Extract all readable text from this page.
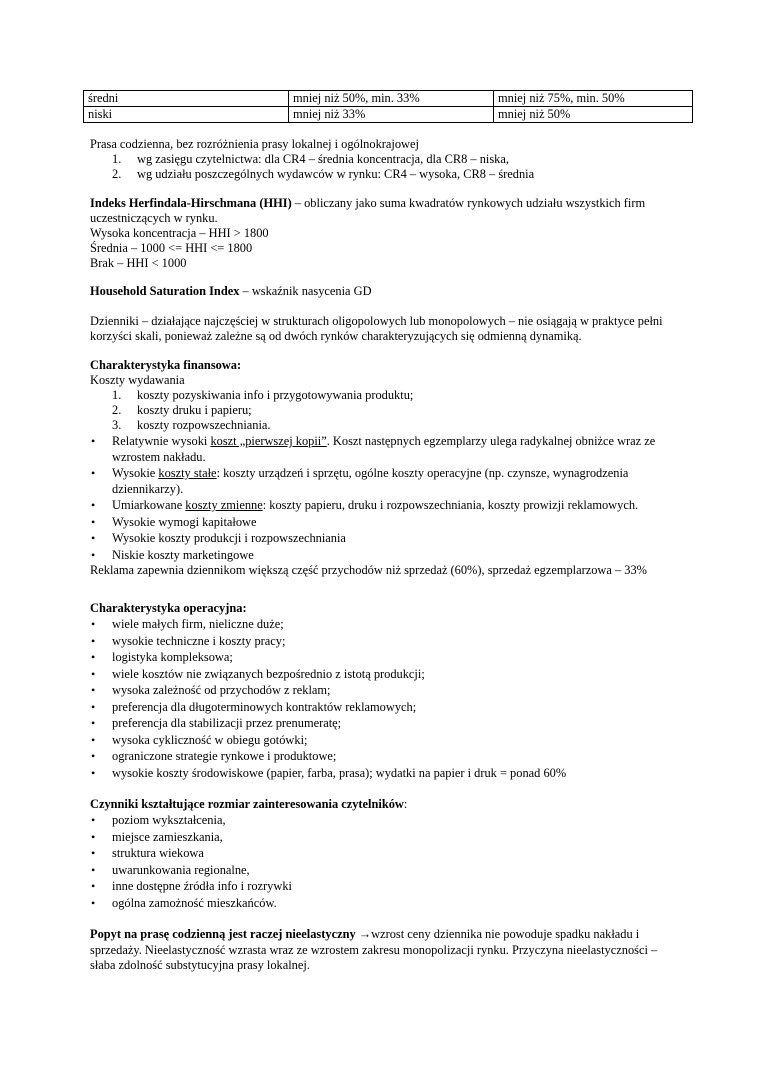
średni	mniej niż 50%, min. 33%	mniej niż 75%, min. 50%
niski	mniej niż 33%	mniej niż 50%

Prasa codzienna, bez rozróżnienia prasy lokalnej i ogólnokrajowej

1. wg zasięgu czytelnictwa: dla CR4 – średnia koncentracja, dla CR8 – niska,
2. wg udziału poszczególnych wydawców w rynku: CR4 – wysoka, CR8 – średnia

Indeks Herfindala-Hirschmana (HHI) – obliczany jako suma kwadratów rynkowych udziału wszystkich firm uczestniczących w rynku.

Wysoka koncentracja – HHI > 1800

Średnia – 1000 <= HHI <= 1800

Brak – HHI < 1000

Household Saturation Index – wskaźnik nasycenia GD

Dzienniki – działające najczęściej w strukturach oligopolowych lub monopolowych – nie osiągają w praktyce pełni korzyści skali, ponieważ zależne są od dwóch rynków charakteryzujących się odmienną dynamiką.

Charakterystyka finansowa:

Koszty wydawania

1. koszty pozyskiwania info i przygotowywania produktu;
2. koszty druku i papieru;
3. koszty rozpowszechniania.
• Relatywnie wysoki koszt „pierwszej kopii”. Koszt następnych egzemplarzy ulega radykalnej obniżce wraz ze wzrostem nakładu.
• Wysokie koszty stałe: koszty urządzeń i sprzętu, ogólne koszty operacyjne (np. czynsze, wynagrodzenia dziennikarzy).
• Umiarkowane koszty zmienne: koszty papieru, druku i rozpowszechniania, koszty prowizji reklamowych.
• Wysokie wymogi kapitałowe
• Wysokie koszty produkcji i rozpowszechniania
• Niskie koszty marketingowe

Reklama zapewnia dziennikom większą część przychodów niż sprzedaż (60%), sprzedaż egzemplarzowa – 33%

Charakterystyka operacyjna:

• wiele małych firm, nieliczne duże;
• wysokie techniczne i koszty pracy;
• logistyka kompleksowa;
• wiele kosztów nie związanych bezpośrednio z istotą produkcji;
• wysoka zależność od przychodów z reklam;
• preferencja dla długoterminowych kontraktów reklamowych;
• preferencja dla stabilizacji przez prenumeratę;
• wysoka cykliczność w obiegu gotówki;
• ograniczone strategie rynkowe i produktowe;
• wysokie koszty środowiskowe (papier, farba, prasa); wydatki na papier i druk = ponad 60%

Czynniki kształtujące rozmiar zainteresowania czytelników:

• poziom wykształcenia,
• miejsce zamieszkania,
• struktura wiekowa
• uwarunkowania regionalne,
• inne dostępne źródła info i rozrywki
• ogólna zamożność mieszkańców.

Popyt na prasę codzienną jest raczej nieelastyczny →wzrost ceny dziennika nie powoduje spadku nakładu i sprzedaży. Nieelastyczność wzrasta wraz ze wzrostem zakresu monopolizacji rynku. Przyczyna nieelastyczności – słaba zdolność substytucyjna prasy lokalnej.
